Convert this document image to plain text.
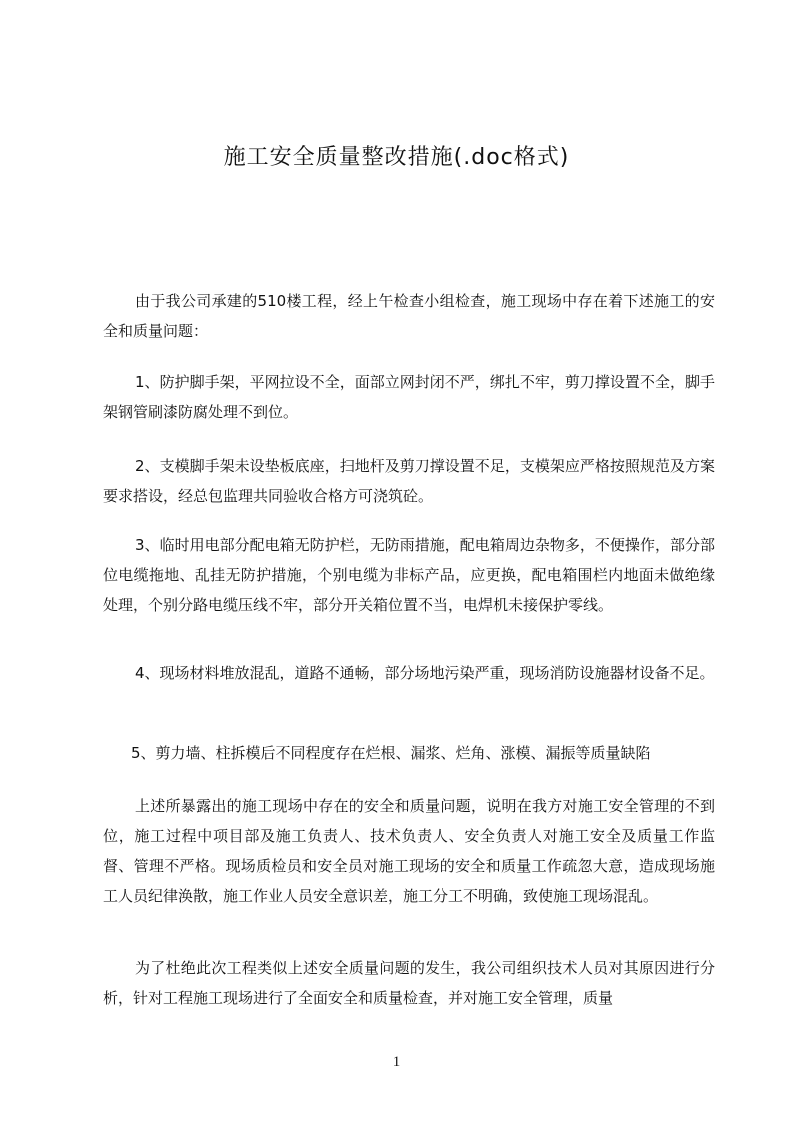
施工安全质量整改措施(.doc格式)

由于我公司承建的510楼工程，经上午检查小组检查，施工现场中存在着下述施工的安全和质量问题：

1、防护脚手架，平网拉设不全，面部立网封闭不严，绑扎不牢，剪刀撑设置不全，脚手架钢管刷漆防腐处理不到位。

2、支模脚手架未设垫板底座，扫地杆及剪刀撑设置不足，支模架应严格按照规范及方案要求搭设，经总包监理共同验收合格方可浇筑砼。

3、临时用电部分配电箱无防护栏，无防雨措施，配电箱周边杂物多，不便操作，部分部位电缆拖地、乱挂无防护措施，个别电缆为非标产品，应更换，配电箱围栏内地面未做绝缘处理，个别分路电缆压线不牢，部分开关箱位置不当，电焊机未接保护零线。

4、现场材料堆放混乱，道路不通畅，部分场地污染严重，现场消防设施器材设备不足。

5、剪力墙、柱拆模后不同程度存在烂根、漏浆、烂角、涨模、漏振等质量缺陷

上述所暴露出的施工现场中存在的安全和质量问题，说明在我方对施工安全管理的不到位，施工过程中项目部及施工负责人、技术负责人、安全负责人对施工安全及质量工作监督、管理不严格。现场质检员和安全员对施工现场的安全和质量工作疏忽大意，造成现场施工人员纪律涣散，施工作业人员安全意识差，施工分工不明确，致使施工现场混乱。

为了杜绝此次工程类似上述安全质量问题的发生，我公司组织技术人员对其原因进行分析，针对工程施工现场进行了全面安全和质量检查，并对施工安全管理，质量

1
